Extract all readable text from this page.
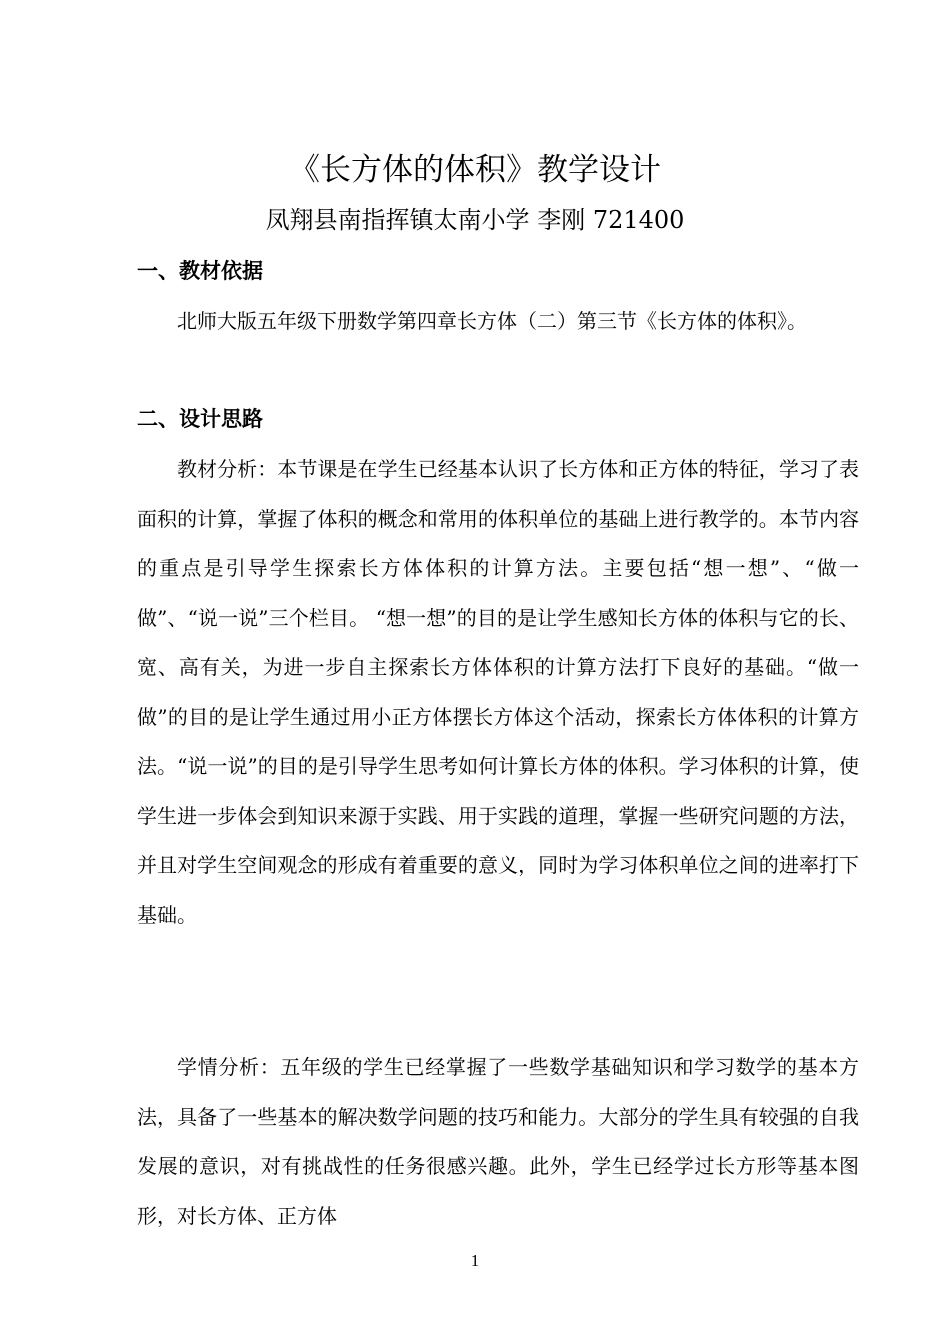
《长方体的体积》教学设计
凤翔县南指挥镇太南小学 李刚 721400
一、教材依据

北师大版五年级下册数学第四章长方体（二）第三节《长方体的体积》。

二、设计思路

教材分析：本节课是在学生已经基本认识了长方体和正方体的特征，学习了表面积的计算，掌握了体积的概念和常用的体积单位的基础上进行教学的。本节内容的重点是引导学生探索长方体体积的计算方法。主要包括“想一想”、“做一做”、“说一说”三个栏目。 “想一想”的目的是让学生感知长方体的体积与它的长、宽、高有关，为进一步自主探索长方体体积的计算方法打下良好的基础。“做一做”的目的是让学生通过用小正方体摆长方体这个活动，探索长方体体积的计算方法。“说一说”的目的是引导学生思考如何计算长方体的体积。学习体积的计算，使学生进一步体会到知识来源于实践、用于实践的道理，掌握一些研究问题的方法，并且对学生空间观念的形成有着重要的意义，同时为学习体积单位之间的进率打下基础。

学情分析：五年级的学生已经掌握了一些数学基础知识和学习数学的基本方法，具备了一些基本的解决数学问题的技巧和能力。大部分的学生具有较强的自我发展的意识，对有挑战性的任务很感兴趣。此外，学生已经学过长方形等基本图形，对长方体、正方体

1
